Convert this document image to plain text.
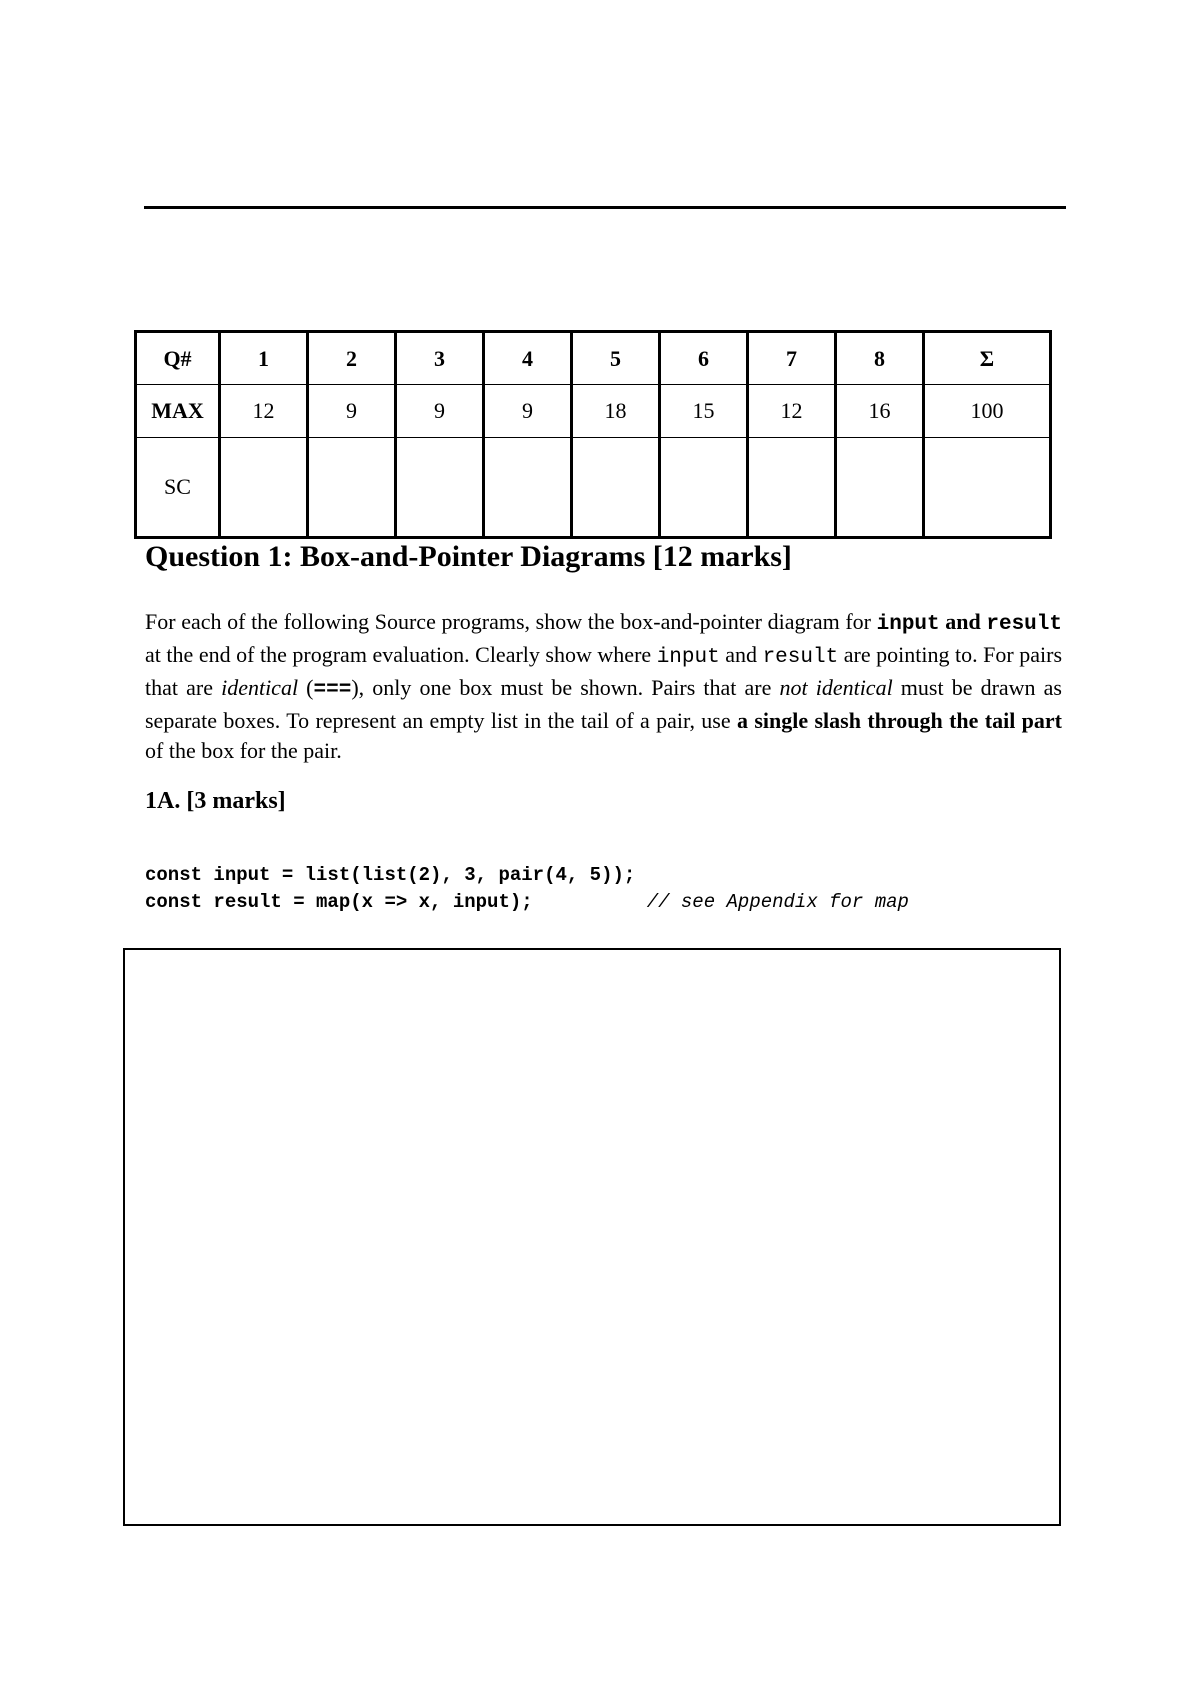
Q#	1	2	3	4	5	6	7	8	Σ
MAX	12	9	9	9	18	15	12	16	100
SC									
Question 1: Box-and-Pointer Diagrams [12 marks]

For each of the following Source programs, show the box-and-pointer diagram for input and result at the end of the program evaluation. Clearly show where input and result are pointing to. For pairs that are identical (===), only one box must be shown. Pairs that are not identical must be drawn as separate boxes. To represent an empty list in the tail of a pair, use a single slash through the tail part of the box for the pair.

1A. [3 marks]
const input = list(list(2), 3, pair(4, 5));
const result = map(x => x, input);	// see Appendix for map
